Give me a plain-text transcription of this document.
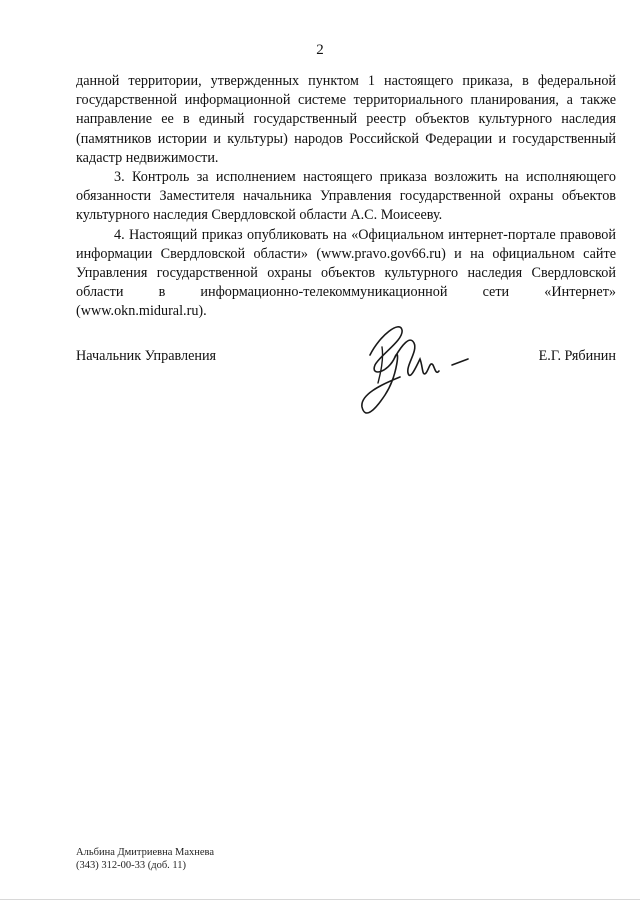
2

данной территории, утвержденных пунктом 1 настоящего приказа, в федеральной государственной информационной системе территориального планирования, а также направление ее в единый государственный реестр объектов культурного наследия (памятников истории и культуры) народов Российской Федерации и государственный кадастр недвижимости.

3. Контроль за исполнением настоящего приказа возложить на исполняющего обязанности Заместителя начальника Управления государственной охраны объектов культурного наследия Свердловской области А.С. Моисееву.

4. Настоящий приказ опубликовать на «Официальном интернет-портале правовой информации Свердловской области» (www.pravo.gov66.ru) и на официальном сайте Управления государственной охраны объектов культурного наследия Свердловской области в информационно-телекоммуникационной сети «Интернет» (www.okn.midural.ru).

Начальник Управления	Е.Г. Рябинин
Альбина Дмитриевна Махнева
(343) 312-00-33 (доб. 11)
